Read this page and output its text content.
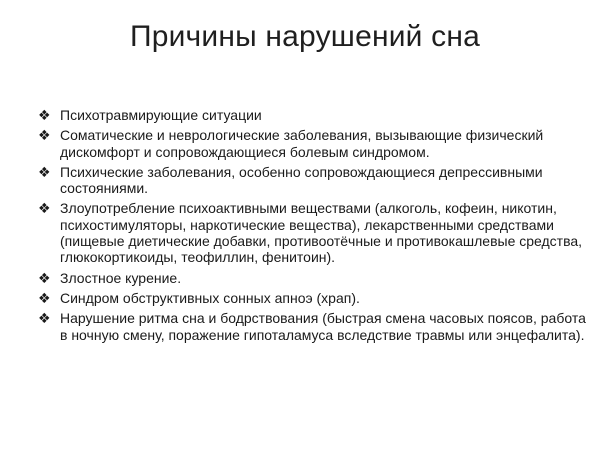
Причины нарушений сна
❖ Психотравмирующие ситуации
❖ Соматические и неврологические заболевания, вызывающие физический дискомфорт и сопровождающиеся болевым синдромом.
❖ Психические заболевания, особенно сопровождающиеся депрессивными состояниями.
❖ Злоупотребление психоактивными веществами (алкоголь, кофеин, никотин, психостимуляторы, наркотические вещества), лекарственными средствами (пищевые диетические добавки, противоотёчные и противокашлевые средства, глюкокортикоиды, теофиллин, фенитоин).
❖ Злостное курение.
❖ Синдром обструктивных сонных апноэ (храп).
❖ Нарушение ритма сна и бодрствования (быстрая смена часовых поясов, работа в ночную смену, поражение гипоталамуса вследствие травмы или энцефалита).
